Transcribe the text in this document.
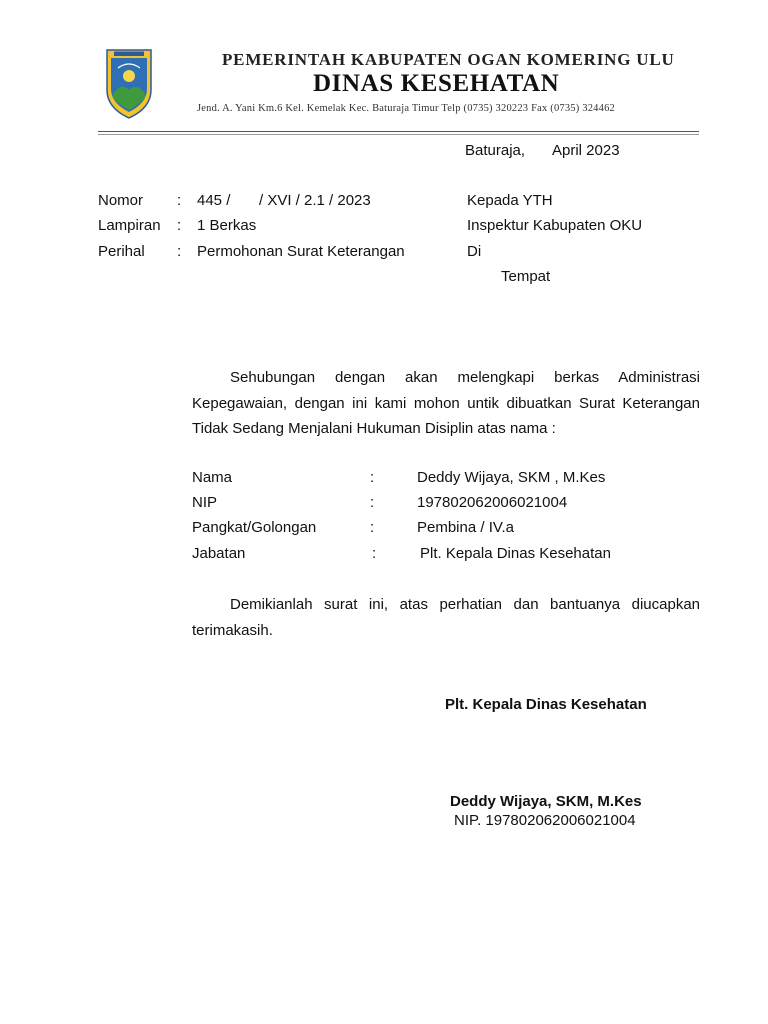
PEMERINTAH KABUPATEN OGAN KOMERING ULU
DINAS KESEHATAN
Jend. A. Yani Km.6 Kel. Kemelak Kec. Baturaja Timur Telp (0735) 320223 Fax (0735) 324462
Baturaja, April 2023
Nomor : 445 / / XVI / 2.1 / 2023
Lampiran : 1 Berkas
Perihal : Permohonan Surat Keterangan
Kepada YTH
Inspektur Kabupaten OKU
Di
Tempat
Sehubungan dengan akan melengkapi berkas Administrasi Kepegawaian, dengan ini kami mohon untik dibuatkan Surat Keterangan Tidak Sedang Menjalani Hukuman Disiplin atas nama :
Nama	:	Deddy Wijaya, SKM , M.Kes
NIP	:	197802062006021004
Pangkat/Golongan	:	Pembina / IV.a
Jabatan	:	Plt. Kepala Dinas Kesehatan
Demikianlah surat ini, atas perhatian dan bantuanya diucapkan terimakasih.
Plt. Kepala Dinas Kesehatan
Deddy Wijaya, SKM, M.Kes
NIP. 197802062006021004
